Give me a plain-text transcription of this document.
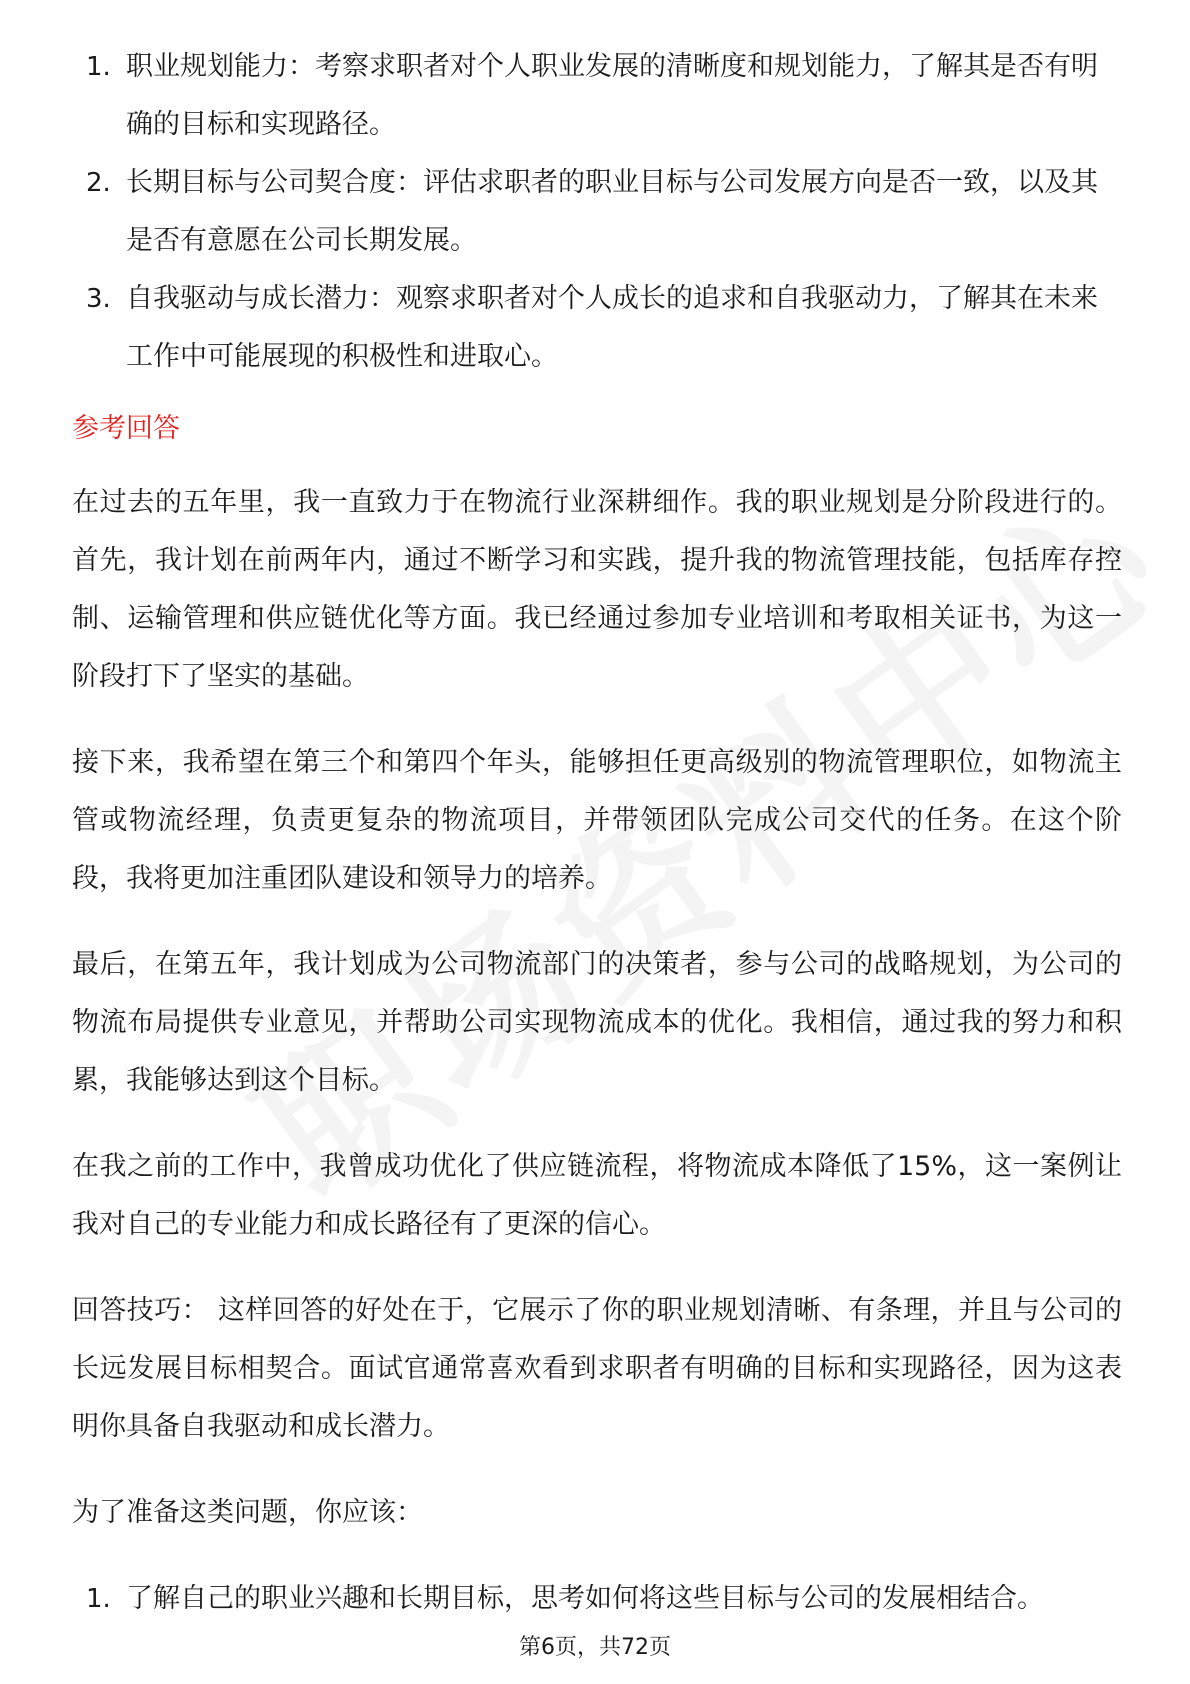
1. 职业规划能力：考察求职者对个人职业发展的清晰度和规划能力，了解其是否有明确的目标和实现路径。
2. 长期目标与公司契合度：评估求职者的职业目标与公司发展方向是否一致，以及其是否有意愿在公司长期发展。
3. 自我驱动与成长潜力：观察求职者对个人成长的追求和自我驱动力，了解其在未来工作中可能展现的积极性和进取心。
参考回答

在过去的五年里，我一直致力于在物流行业深耕细作。我的职业规划是分阶段进行的。首先，我计划在前两年内，通过不断学习和实践，提升我的物流管理技能，包括库存控制、运输管理和供应链优化等方面。我已经通过参加专业培训和考取相关证书，为这一阶段打下了坚实的基础。

接下来，我希望在第三个和第四个年头，能够担任更高级别的物流管理职位，如物流主管或物流经理，负责更复杂的物流项目，并带领团队完成公司交代的任务。在这个阶段，我将更加注重团队建设和领导力的培养。

最后，在第五年，我计划成为公司物流部门的决策者，参与公司的战略规划，为公司的物流布局提供专业意见，并帮助公司实现物流成本的优化。我相信，通过我的努力和积累，我能够达到这个目标。

在我之前的工作中，我曾成功优化了供应链流程，将物流成本降低了15%，这一案例让我对自己的专业能力和成长路径有了更深的信心。

回答技巧： 这样回答的好处在于，它展示了你的职业规划清晰、有条理，并且与公司的长远发展目标相契合。面试官通常喜欢看到求职者有明确的目标和实现路径，因为这表明你具备自我驱动和成长潜力。

为了准备这类问题，你应该：

1. 了解自己的职业兴趣和长期目标，思考如何将这些目标与公司的发展相结合。
第6页，共72页
